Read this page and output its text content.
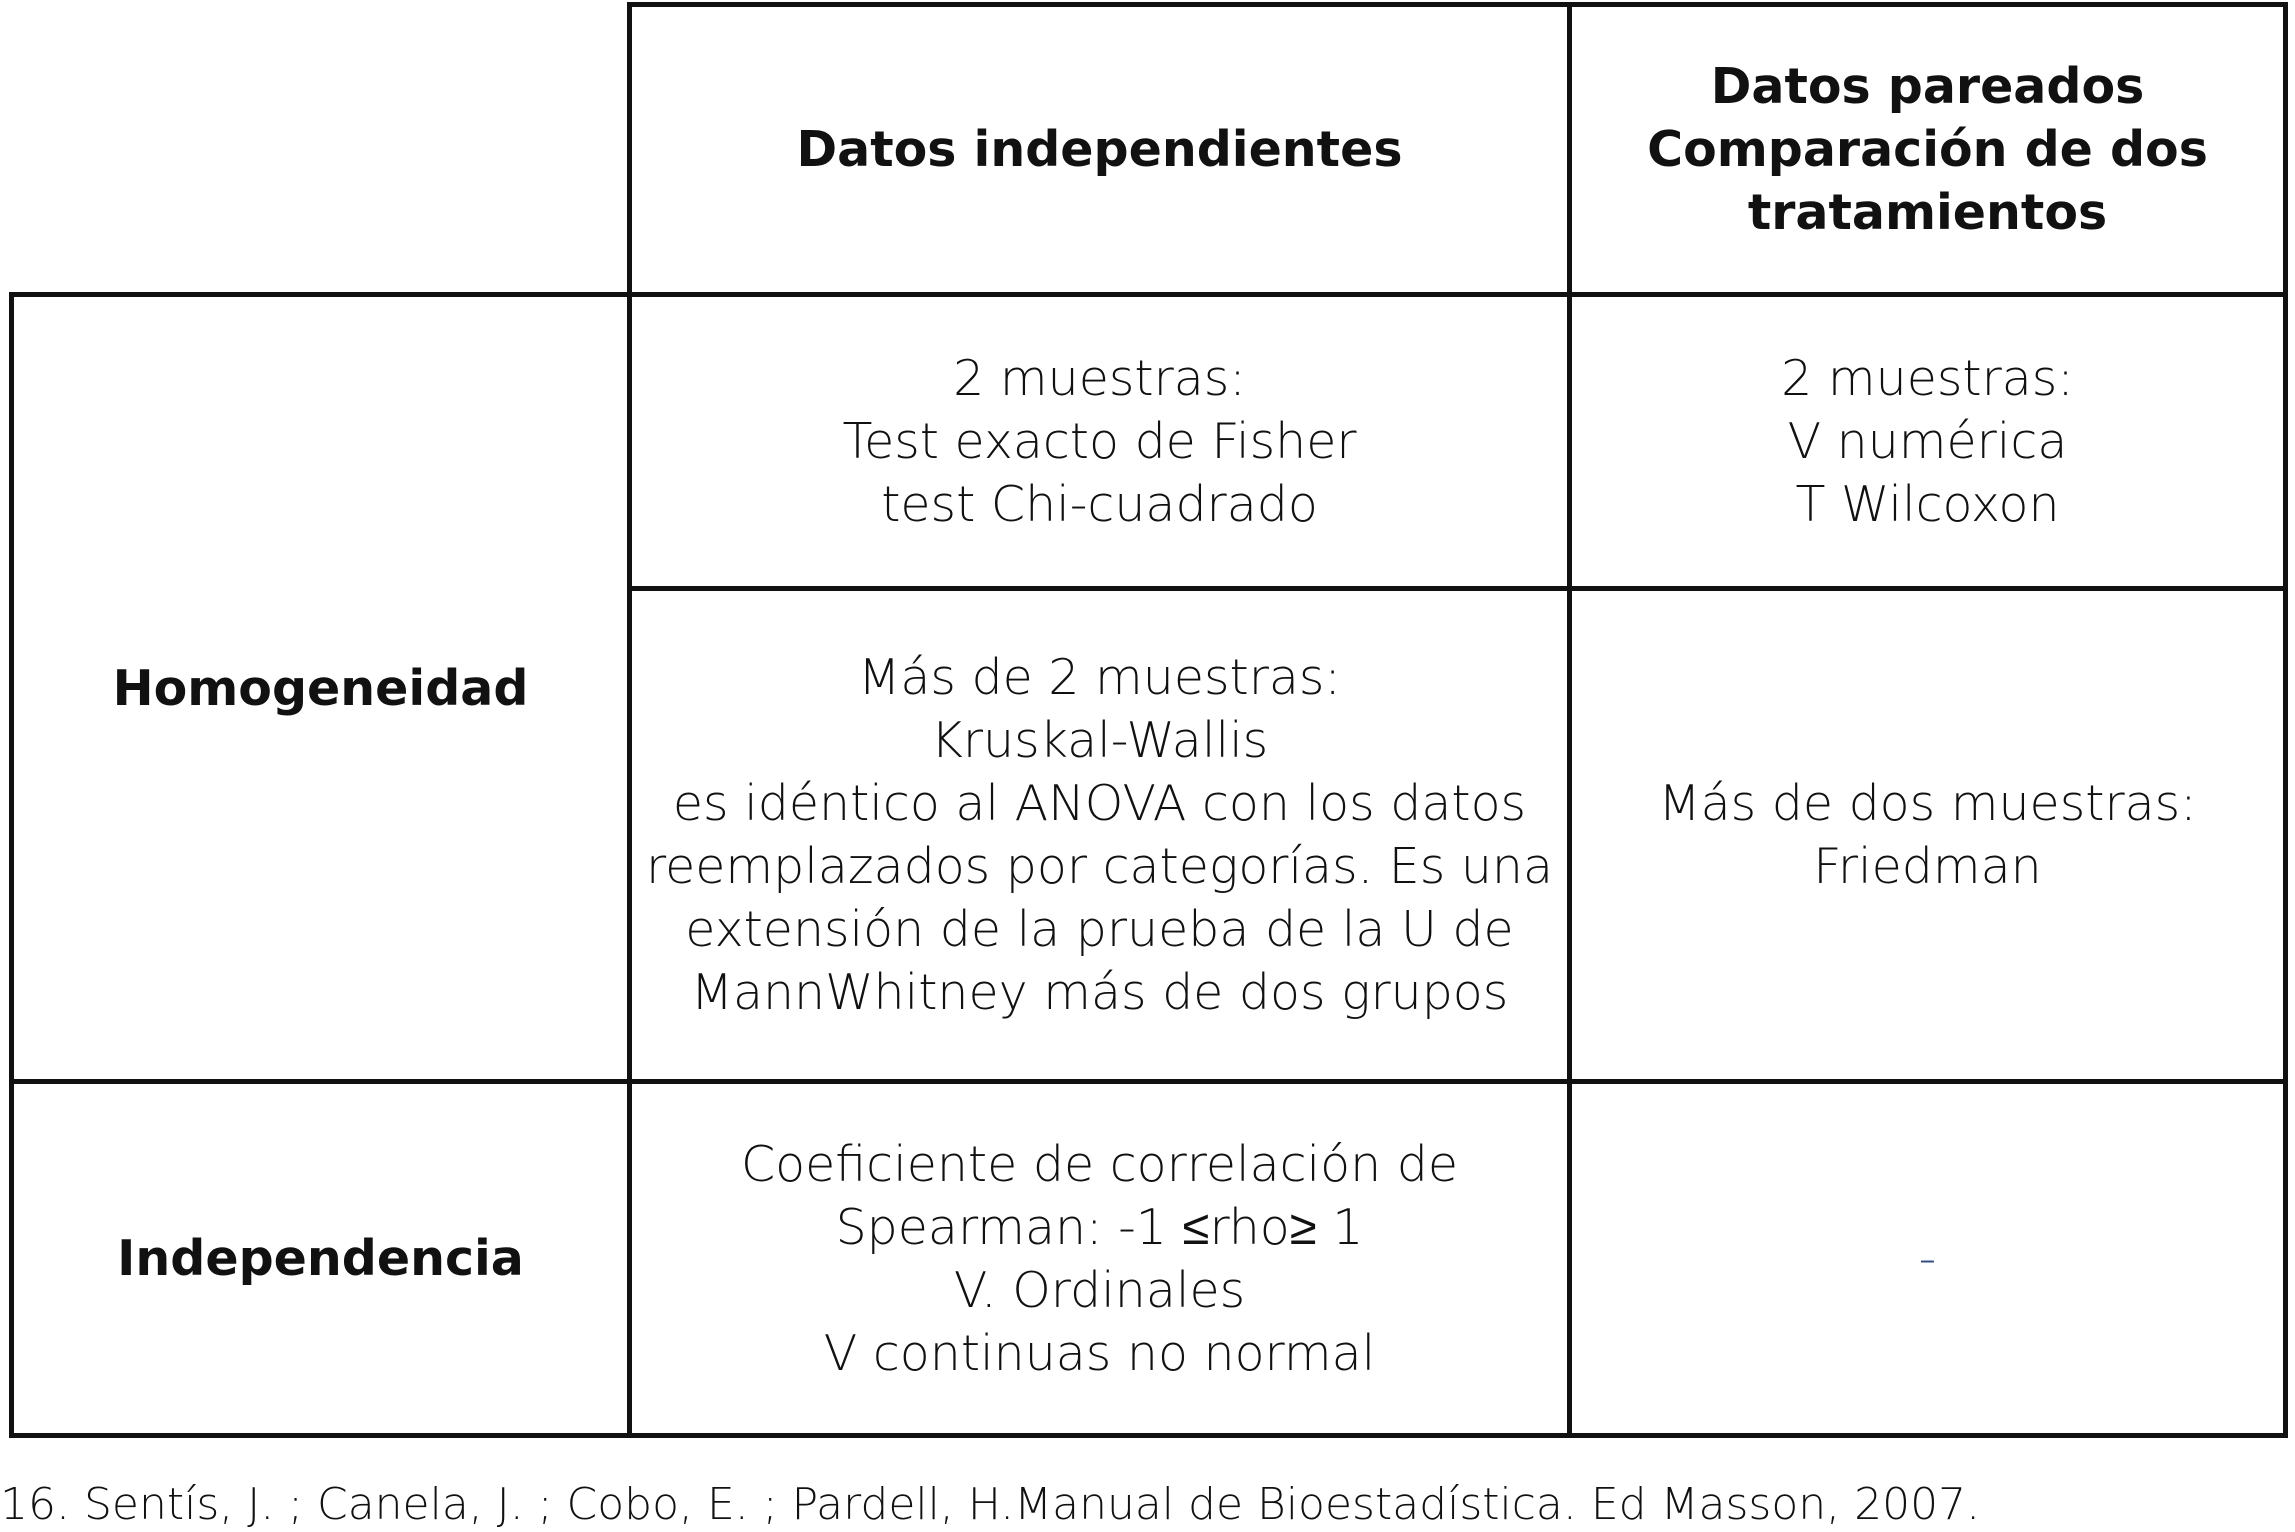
Datos independientes
Datos pareados
Comparación de dos
tratamientos
Homogeneidad
Independencia
2 muestras:
Test exacto de Fisher
test Chi-cuadrado
2 muestras:
V numérica
T Wilcoxon
Más de 2 muestras:
Kruskal-Wallis
es idéntico al ANOVA con los datos
reemplazados por categorías. Es una
extensión de la prueba de la U de
MannWhitney más de dos grupos
Más de dos muestras:
Friedman
Coeficiente de correlación de
Spearman: -1 ≤rho≥ 1
V. Ordinales
V continuas no normal
-
16. Sentís, J. ; Canela, J. ; Cobo, E. ; Pardell, H.Manual de Bioestadística. Ed Masson, 2007.
